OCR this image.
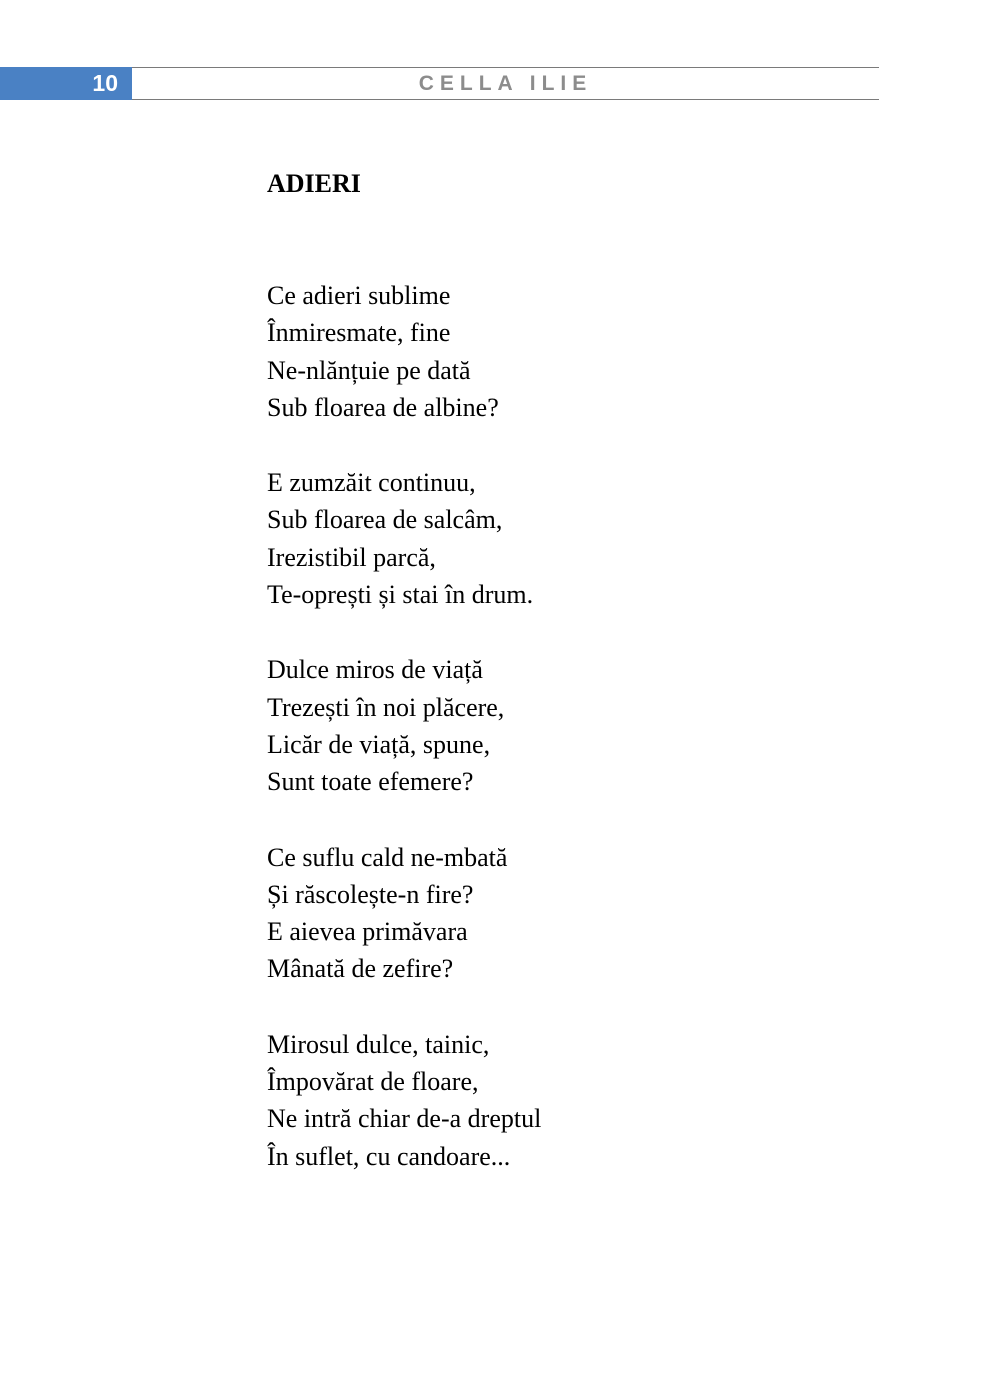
10	CELLA ILIE
ADIERI
Ce adieri sublime
Înmiresmate, fine
Ne-nlănțuie pe dată
Sub floarea de albine?
E zumzăit continuu,
Sub floarea de salcâm,
Irezistibil parcă,
Te-oprești și stai în drum.
Dulce miros de viață
Trezești în noi plăcere,
Licăr de viață, spune,
Sunt toate efemere?
Ce suflu cald ne-mbată
Și răscolește-n fire?
E aievea primăvara
Mânată de zefire?
Mirosul dulce, tainic,
Împovărat de floare,
Ne intră chiar de-a dreptul
În suflet, cu candoare...
